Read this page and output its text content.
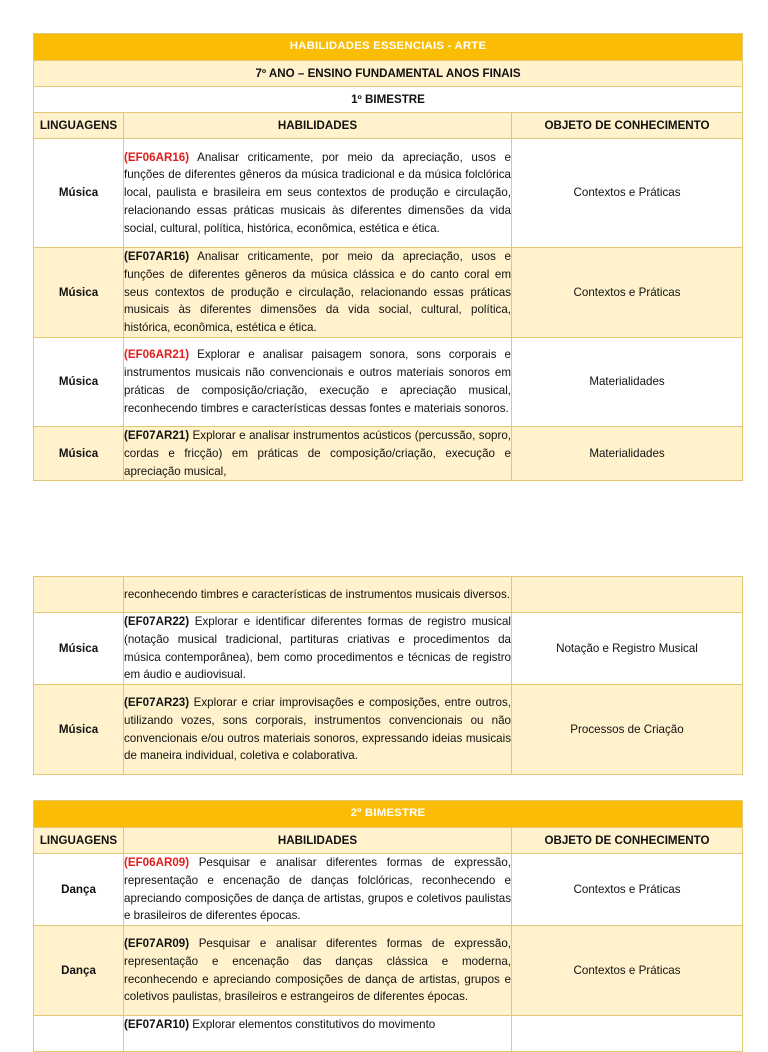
HABILIDADES ESSENCIAIS - ARTE		
7º ANO – ENSINO FUNDAMENTAL ANOS FINAIS		
1º BIMESTRE		
LINGUAGENS	HABILIDADES	OBJETO DE CONHECIMENTO
Música	(EF06AR16) Analisar criticamente, por meio da apreciação, usos e funções de diferentes gêneros da música tradicional e da música folclórica local, paulista e brasileira em seus contextos de produção e circulação, relacionando essas práticas musicais às diferentes dimensões da vida social, cultural, política, histórica, econômica, estética e ética.	Contextos e Práticas
Música	(EF07AR16) Analisar criticamente, por meio da apreciação, usos e funções de diferentes gêneros da música clássica e do canto coral em seus contextos de produção e circulação, relacionando essas práticas musicais às diferentes dimensões da vida social, cultural, política, histórica, econômica, estética e ética.	Contextos e Práticas
Música	(EF06AR21) Explorar e analisar paisagem sonora, sons corporais e instrumentos musicais não convencionais e outros materiais sonoros em práticas de composição/criação, execução e apreciação musical, reconhecendo timbres e características dessas fontes e materiais sonoros.	Materialidades
Música	(EF07AR21) Explorar e analisar instrumentos acústicos (percussão, sopro, cordas e fricção) em práticas de composição/criação, execução e apreciação musical,	Materialidades
	reconhecendo timbres e características de instrumentos musicais diversos.	
Música	(EF07AR22) Explorar e identificar diferentes formas de registro musical (notação musical tradicional, partituras criativas e procedimentos da música contemporânea), bem como procedimentos e técnicas de registro em áudio e audiovisual.	Notação e Registro Musical
Música	(EF07AR23) Explorar e criar improvisações e composições, entre outros, utilizando vozes, sons corporais, instrumentos convencionais ou não convencionais e/ou outros materiais sonoros, expressando ideias musicais de maneira individual, coletiva e colaborativa.	Processos de Criação
2º BIMESTRE		
LINGUAGENS	HABILIDADES	OBJETO DE CONHECIMENTO
Dança	(EF06AR09) Pesquisar e analisar diferentes formas de expressão, representação e encenação de danças folclóricas, reconhecendo e apreciando composições de dança de artistas, grupos e coletivos paulistas e brasileiros de diferentes épocas.	Contextos e Práticas
Dança	(EF07AR09) Pesquisar e analisar diferentes formas de expressão, representação e encenação das danças clássica e moderna, reconhecendo e apreciando composições de dança de artistas, grupos e coletivos paulistas, brasileiros e estrangeiros de diferentes épocas.	Contextos e Práticas
	(EF07AR10) Explorar elementos constitutivos do movimento	
